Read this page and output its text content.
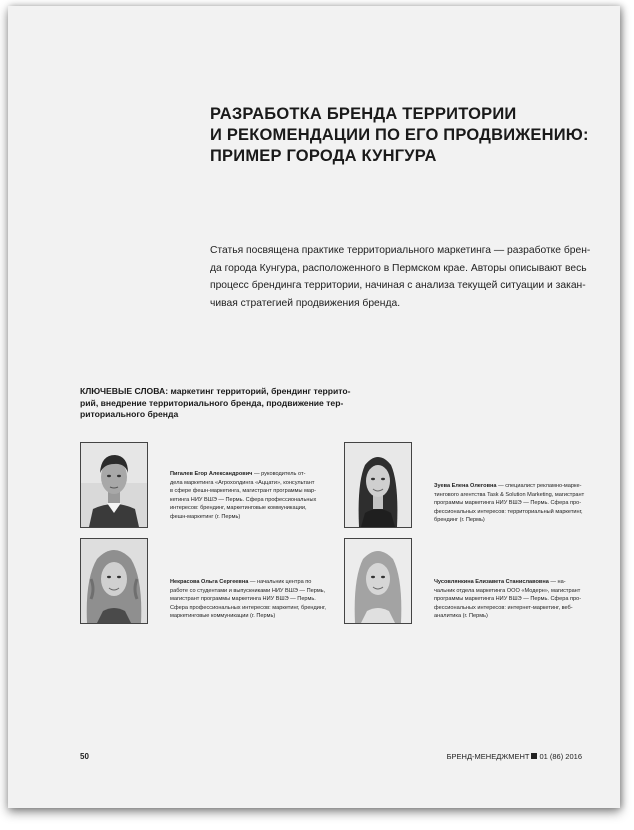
РАЗРАБОТКА БРЕНДА ТЕРРИТОРИИ
И РЕКОМЕНДАЦИИ ПО ЕГО ПРОДВИЖЕНИЮ:
ПРИМЕР ГОРОДА КУНГУРА

Статья посвящена практике территориального маркетинга — разработке брен-
да города Кунгура, расположенного в Пермском крае. Авторы описывают весь
процесс брендинга территории, начиная с анализа текущей ситуации и закан-
чивая стратегией продвижения бренда.

КЛЮЧЕВЫЕ СЛОВА: маркетинг территорий, брендинг террито-
рий, внедрение территориального бренда, продвижение тер-
риториального бренда
Пигалев Егор Александрович — руководитель от-
дела маркетинга «Агрохолдинга «Аццати», консультант
в сфере фешн-маркетинга, магистрант программы мар-
кетинга НИУ ВШЭ — Пермь. Сфера профессиональных
интересов: брендинг, маркетинговые коммуникации,
фешн-маркетинг (г. Пермь)
Зуева Елена Олеговна — специалист рекламно-марке-
тингового агентства Task & Solution Marketing, магистрант
программы маркетинга НИУ ВШЭ — Пермь. Сфера про-
фессиональных интересов: территориальный маркетинг,
брендинг (г. Пермь)
Некрасова Ольга Сергеевна — начальник центра по
работе со студентами и выпускниками НИУ ВШЭ — Пермь,
магистрант программы маркетинга НИУ ВШЭ — Пермь.
Сфера профессиональных интересов: маркетинг, брендинг,
маркетинговые коммуникации (г. Пермь)
Чусовлянкина Елизавета Станиславовна — на-
чальник отдела маркетинга ООО «Модерн», магистрант
программы маркетинга НИУ ВШЭ — Пермь. Сфера про-
фессиональных интересов: интернет-маркетинг, веб-
аналитика (г. Пермь)
50	БРЕНД-МЕНЕДЖМЕНТ 01 (86) 2016
